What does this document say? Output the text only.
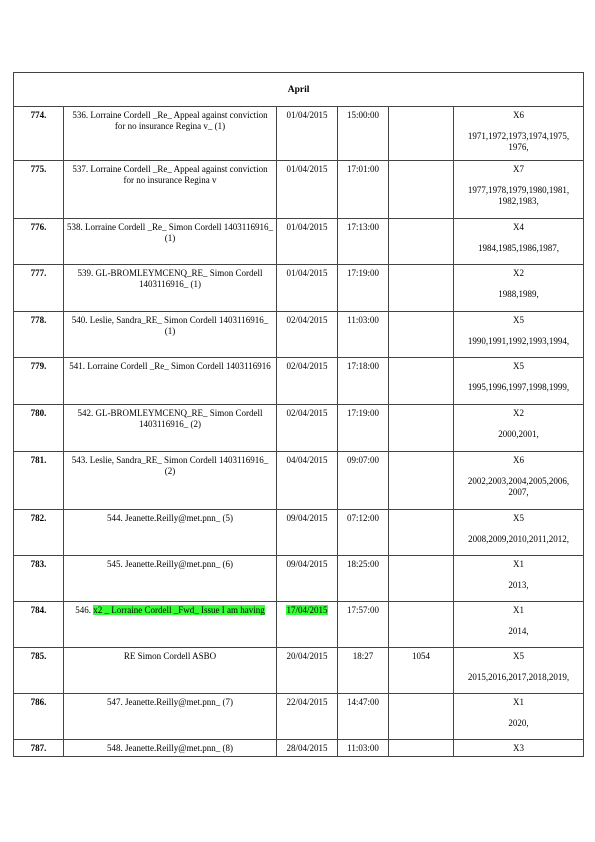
April					
774.	536. Lorraine Cordell _Re_ Appeal against conviction for no insurance Regina v_ (1)	01/04/2015	15:00:00		X6
1971,1972,1973,1974,1975, 1976,

775.	537. Lorraine Cordell _Re_ Appeal against conviction for no insurance Regina v	01/04/2015	17:01:00		X7
1977,1978,1979,1980,1981, 1982,1983,

776.	538. Lorraine Cordell _Re_ Simon Cordell 1403116916_ (1)	01/04/2015	17:13:00		X4
1984,1985,1986,1987,

777.	539. GL-BROMLEYMCENQ_RE_ Simon Cordell 1403116916_ (1)	01/04/2015	17:19:00		X2
1988,1989,

778.	540. Leslie, Sandra_RE_ Simon Cordell 1403116916_ (1)	02/04/2015	11:03:00		X5
1990,1991,1992,1993,1994,

779.	541. Lorraine Cordell _Re_ Simon Cordell 1403116916	02/04/2015	17:18:00		X5
1995,1996,1997,1998,1999,

780.	542. GL-BROMLEYMCENQ_RE_ Simon Cordell 1403116916_ (2)	02/04/2015	17:19:00		X2
2000,2001,

781.	543. Leslie, Sandra_RE_ Simon Cordell 1403116916_ (2)	04/04/2015	09:07:00		X6
2002,2003,2004,2005,2006, 2007,

782.	544. Jeanette.Reilly@met.pnn_ (5)	09/04/2015	07:12:00		X5
2008,2009,2010,2011,2012,

783.	545. Jeanette.Reilly@met.pnn_ (6)	09/04/2015	18:25:00		X1
2013,

784.	546. x2 _ Lorraine Cordell _Fwd_ Issue I am having	17/04/2015	17:57:00		X1
2014,

785.	RE Simon Cordell ASBO	20/04/2015	18:27	1054	X5
2015,2016,2017,2018,2019,

786.	547. Jeanette.Reilly@met.pnn_ (7)	22/04/2015	14:47:00		X1
2020,

787.	548. Jeanette.Reilly@met.pnn_ (8)	28/04/2015	11:03:00		X3
